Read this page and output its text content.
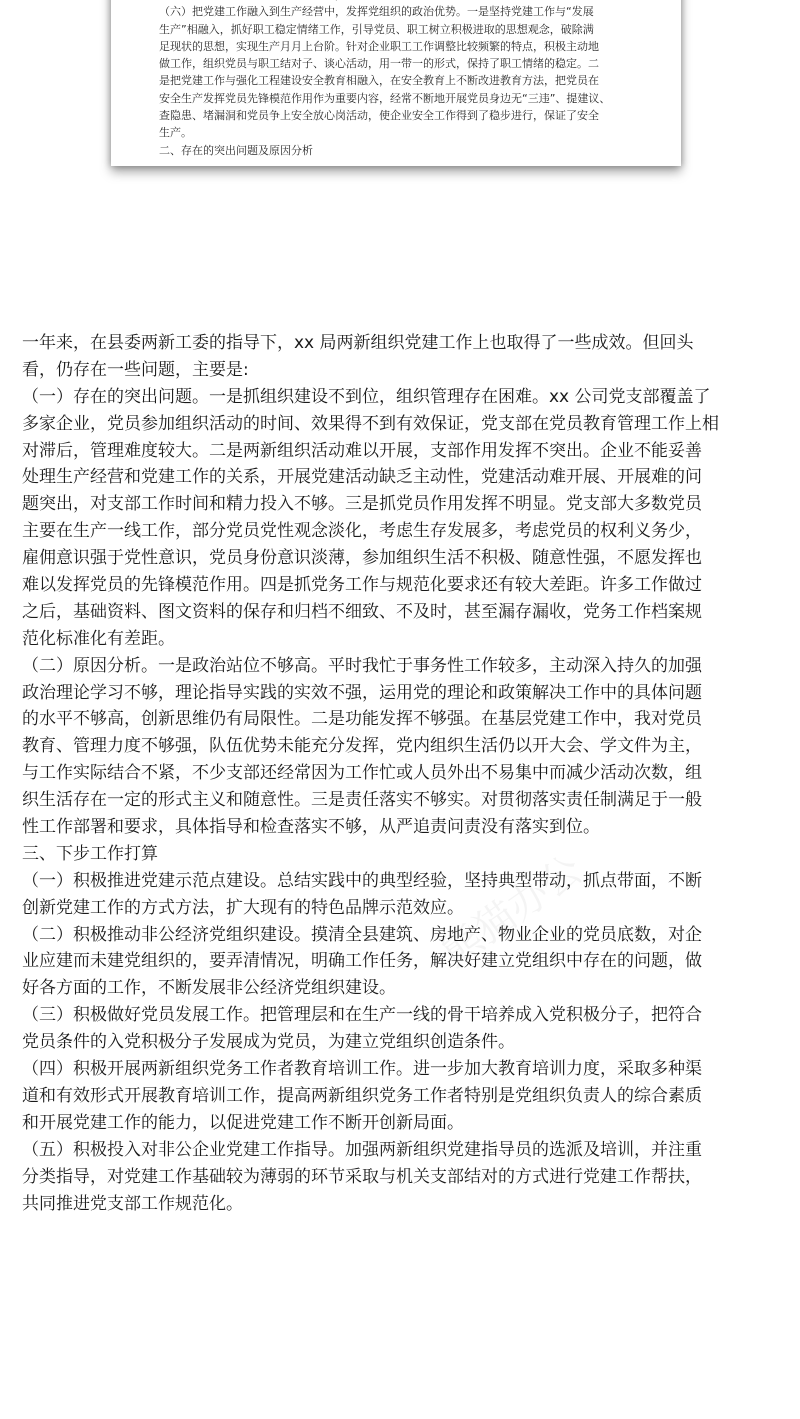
（六）把党建工作融入到生产经营中，发挥党组织的政治优势。一是坚持党建工作与“发展
生产”相融入，抓好职工稳定情绪工作，引导党员、职工树立积极进取的思想观念，破除满
足现状的思想，实现生产月月上台阶。针对企业职工工作调整比较频繁的特点，积极主动地
做工作，组织党员与职工结对子、谈心活动，用一带一的形式，保持了职工情绪的稳定。二
是把党建工作与强化工程建设安全教育相融入，在安全教育上不断改进教育方法，把党员在
安全生产发挥党员先锋模范作用作为重要内容，经常不断地开展党员身边无“三违”、提建议、
查隐患、堵漏洞和党员争上安全放心岗活动，使企业安全工作得到了稳步进行，保证了安全
生产。
二、存在的突出问题及原因分析
一年来，在县委两新工委的指导下，xx 局两新组织党建工作上也取得了一些成效。但回头
看，仍存在一些问题，主要是:
（一）存在的突出问题。一是抓组织建设不到位，组织管理存在困难。xx 公司党支部覆盖了
多家企业，党员参加组织活动的时间、效果得不到有效保证，党支部在党员教育管理工作上相
对滞后，管理难度较大。二是两新组织活动难以开展，支部作用发挥不突出。企业不能妥善
处理生产经营和党建工作的关系，开展党建活动缺乏主动性，党建活动难开展、开展难的问
题突出，对支部工作时间和精力投入不够。三是抓党员作用发挥不明显。党支部大多数党员
主要在生产一线工作，部分党员党性观念淡化，考虑生存发展多，考虑党员的权利义务少，
雇佣意识强于党性意识，党员身份意识淡薄，参加组织生活不积极、随意性强，不愿发挥也
难以发挥党员的先锋模范作用。四是抓党务工作与规范化要求还有较大差距。许多工作做过
之后，基础资料、图文资料的保存和归档不细致、不及时，甚至漏存漏收，党务工作档案规
范化标准化有差距。
（二）原因分析。一是政治站位不够高。平时我忙于事务性工作较多，主动深入持久的加强
政治理论学习不够，理论指导实践的实效不强，运用党的理论和政策解决工作中的具体问题
的水平不够高，创新思维仍有局限性。二是功能发挥不够强。在基层党建工作中，我对党员
教育、管理力度不够强，队伍优势未能充分发挥，党内组织生活仍以开大会、学文件为主，
与工作实际结合不紧，不少支部还经常因为工作忙或人员外出不易集中而减少活动次数，组
织生活存在一定的形式主义和随意性。三是责任落实不够实。对贯彻落实责任制满足于一般
性工作部署和要求，具体指导和检查落实不够，从严追责问责没有落实到位。
三、下步工作打算
（一）积极推进党建示范点建设。总结实践中的典型经验，坚持典型带动，抓点带面，不断
创新党建工作的方式方法，扩大现有的特色品牌示范效应。
（二）积极推动非公经济党组织建设。摸清全县建筑、房地产、物业企业的党员底数，对企
业应建而未建党组织的，要弄清情况，明确工作任务，解决好建立党组织中存在的问题，做
好各方面的工作，不断发展非公经济党组织建设。
（三）积极做好党员发展工作。把管理层和在生产一线的骨干培养成入党积极分子，把符合
党员条件的入党积极分子发展成为党员，为建立党组织创造条件。
（四）积极开展两新组织党务工作者教育培训工作。进一步加大教育培训力度，采取多种渠
道和有效形式开展教育培训工作，提高两新组织党务工作者特别是党组织负责人的综合素质
和开展党建工作的能力，以促进党建工作不断开创新局面。
（五）积极投入对非公企业党建工作指导。加强两新组织党建指导员的选派及培训，并注重
分类指导，对党建工作基础较为薄弱的环节采取与机关支部结对的方式进行党建工作帮扶，
共同推进党支部工作规范化。
